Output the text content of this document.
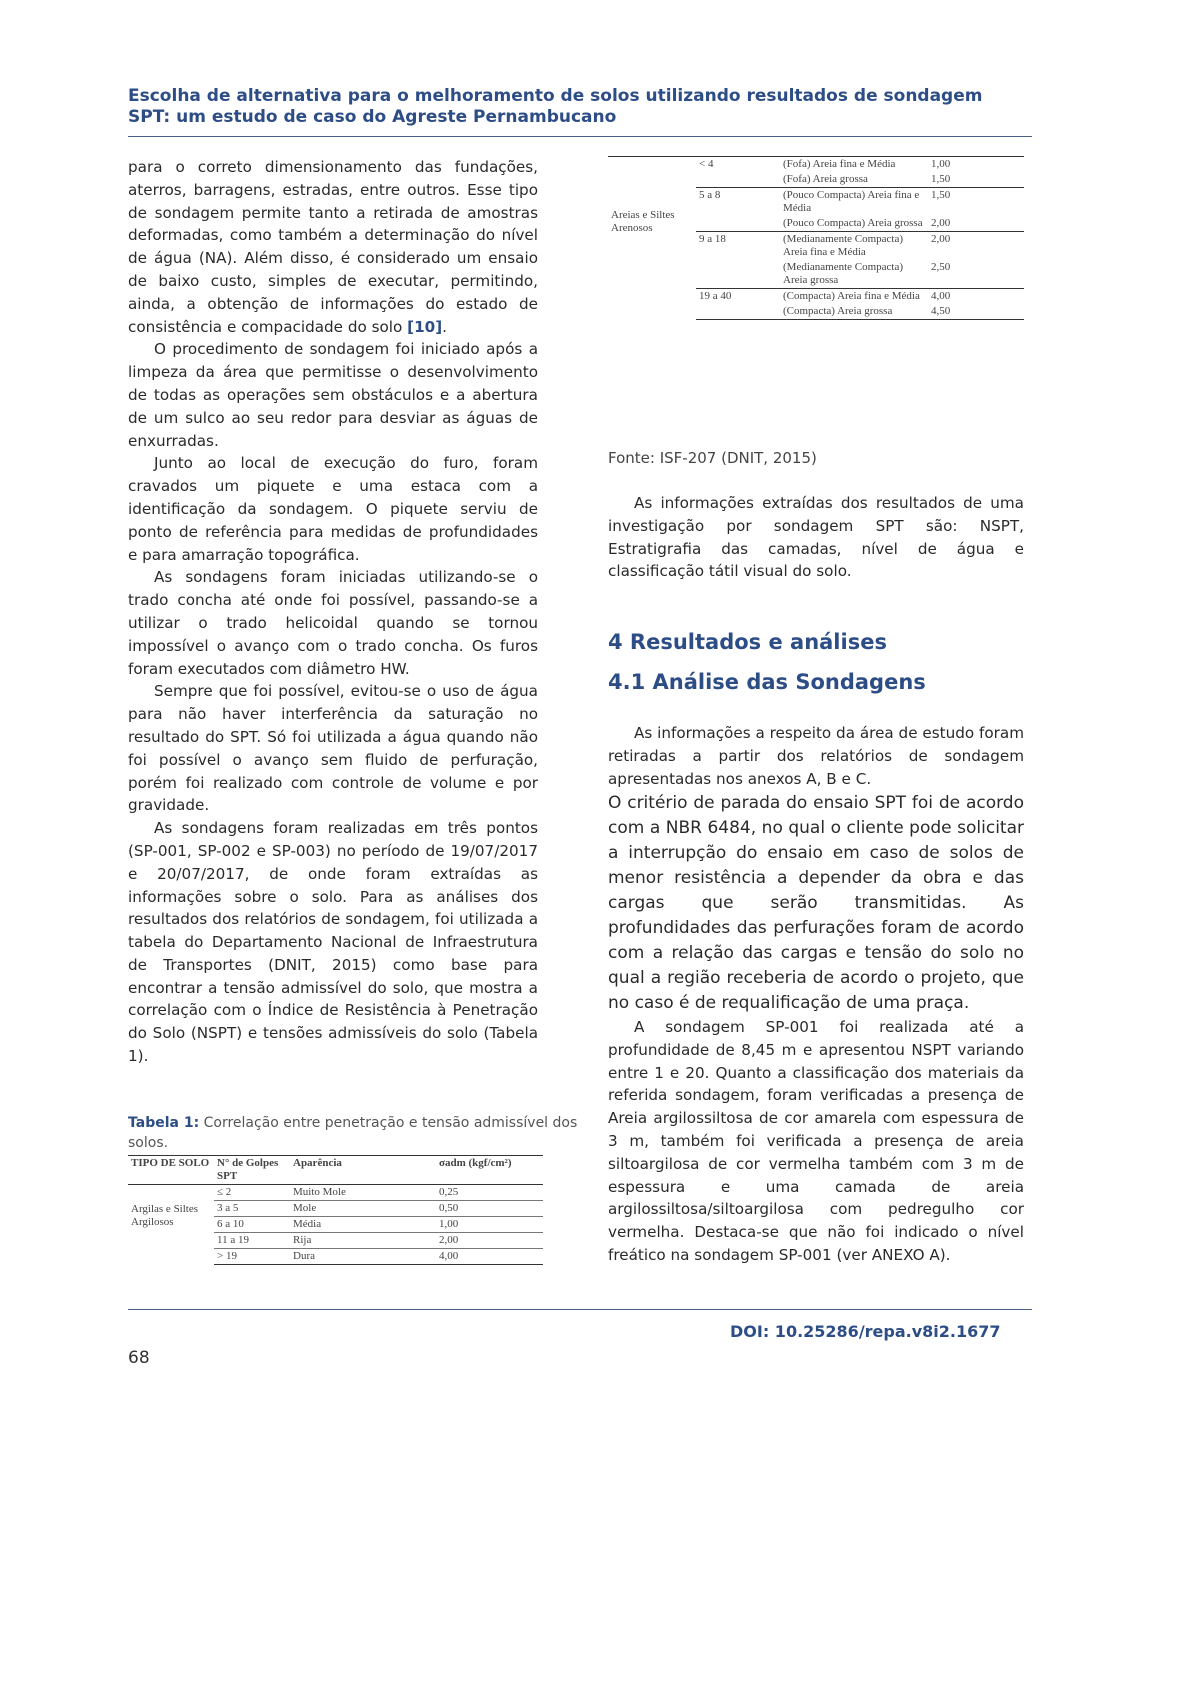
Escolha de alternativa para o melhoramento de solos utilizando resultados de sondagem SPT: um estudo de caso do Agreste Pernambucano

para o correto dimensionamento das fundações, aterros, barragens, estradas, entre outros. Esse tipo de sondagem permite tanto a retirada de amostras deformadas, como também a determinação do nível de água (NA). Além disso, é considerado um ensaio de baixo custo, simples de executar, permitindo, ainda, a obtenção de informações do estado de consistência e compacidade do solo [10].

O procedimento de sondagem foi iniciado após a limpeza da área que permitisse o desenvolvimento de todas as operações sem obstáculos e a abertura de um sulco ao seu redor para desviar as águas de enxurradas.

Junto ao local de execução do furo, foram cravados um piquete e uma estaca com a identificação da sondagem. O piquete serviu de ponto de referência para medidas de profundidades e para amarração topográfica.

As sondagens foram iniciadas utilizando-se o trado concha até onde foi possível, passando-se a utilizar o trado helicoidal quando se tornou impossível o avanço com o trado concha. Os furos foram executados com diâmetro HW.

Sempre que foi possível, evitou-se o uso de água para não haver interferência da saturação no resultado do SPT. Só foi utilizada a água quando não foi possível o avanço sem fluido de perfuração, porém foi realizado com controle de volume e por gravidade.

As sondagens foram realizadas em três pontos (SP-001, SP-002 e SP-003) no período de 19/07/2017 e 20/07/2017, de onde foram extraídas as informações sobre o solo. Para as análises dos resultados dos relatórios de sondagem, foi utilizada a tabela do Departamento Nacional de Infraestrutura de Transportes (DNIT, 2015) como base para encontrar a tensão admissível do solo, que mostra a correlação com o Índice de Resistência à Penetração do Solo (NSPT) e tensões admissíveis do solo (Tabela 1).

Tabela 1: Correlação entre penetração e tensão admissível dos solos.
TIPO DE SOLO	N° de Golpes SPT	Aparência	σadm (kgf/cm²)
Argilas e Siltes Argilosos	≤ 2	Muito Mole	0,25
	3 a 5	Mole	0,50
	6 a 10	Média	1,00
	11 a 19	Rija	2,00
	> 19	Dura	4,00
Areias e Siltes Arenosos	< 4	(Fofa) Areia fina e Média	1,00
		(Fofa) Areia grossa	1,50
	5 a 8	(Pouco Compacta) Areia fina e Média	1,50
		(Pouco Compacta) Areia grossa	2,00
	9 a 18	(Medianamente Compacta) Areia fina e Média	2,00
		(Medianamente Compacta) Areia grossa	2,50
	19 a 40	(Compacta) Areia fina e Média	4,00
		(Compacta) Areia grossa	4,50
Fonte: ISF-207 (DNIT, 2015)

As informações extraídas dos resultados de uma investigação por sondagem SPT são: NSPT, Estratigrafia das camadas, nível de água e classificação tátil visual do solo.

4 Resultados e análises
4.1 Análise das Sondagens

As informações a respeito da área de estudo foram retiradas a partir dos relatórios de sondagem apresentadas nos anexos A, B e C.

O critério de parada do ensaio SPT foi de acordo com a NBR 6484, no qual o cliente pode solicitar a interrupção do ensaio em caso de solos de menor resistência a depender da obra e das cargas que serão transmitidas. As profundidades das perfurações foram de acordo com a relação das cargas e tensão do solo no qual a região receberia de acordo o projeto, que no caso é de requalificação de uma praça.

A sondagem SP-001 foi realizada até a profundidade de 8,45 m e apresentou NSPT variando entre 1 e 20. Quanto a classificação dos materiais da referida sondagem, foram verificadas a presença de Areia argilossiltosa de cor amarela com espessura de 3 m, também foi verificada a presença de areia siltoargilosa de cor vermelha também com 3 m de espessura e uma camada de areia argilossiltosa/siltoargilosa com pedregulho cor vermelha. Destaca-se que não foi indicado o nível freático na sondagem SP-001 (ver ANEXO A).

DOI: 10.25286/repa.v8i2.1677
68
